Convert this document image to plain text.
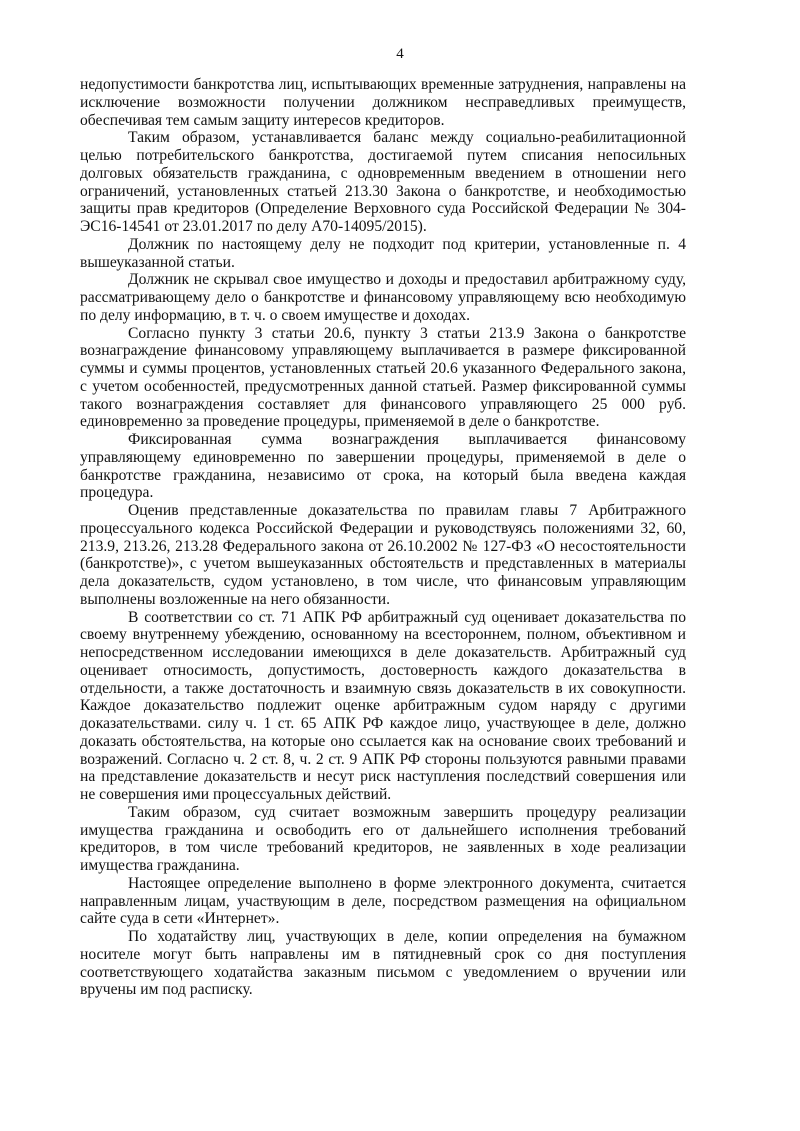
4

недопустимости банкротства лиц, испытывающих временные затруднения, направлены на исключение возможности получении должником несправедливых преимуществ, обеспечивая тем самым защиту интересов кредиторов.

Таким образом, устанавливается баланс между социально-реабилитационной целью потребительского банкротства, достигаемой путем списания непосильных долговых обязательств гражданина, с одновременным введением в отношении него ограничений, установленных статьей 213.30 Закона о банкротстве, и необходимостью защиты прав кредиторов (Определение Верховного суда Российской Федерации № 304-ЭС16-14541 от 23.01.2017 по делу А70-14095/2015).

Должник по настоящему делу не подходит под критерии, установленные п. 4 вышеуказанной статьи.

Должник не скрывал свое имущество и доходы и предоставил арбитражному суду, рассматривающему дело о банкротстве и финансовому управляющему всю необходимую по делу информацию, в т. ч. о своем имуществе и доходах.

Согласно пункту 3 статьи 20.6, пункту 3 статьи 213.9 Закона о банкротстве вознаграждение финансовому управляющему выплачивается в размере фиксированной суммы и суммы процентов, установленных статьей 20.6 указанного Федерального закона, с учетом особенностей, предусмотренных данной статьей. Размер фиксированной суммы такого вознаграждения составляет для финансового управляющего 25 000 руб. единовременно за проведение процедуры, применяемой в деле о банкротстве.

Фиксированная сумма вознаграждения выплачивается финансовому управляющему единовременно по завершении процедуры, применяемой в деле о банкротстве гражданина, независимо от срока, на который была введена каждая процедура.

Оценив представленные доказательства по правилам главы 7 Арбитражного процессуального кодекса Российской Федерации и руководствуясь положениями 32, 60, 213.9, 213.26, 213.28 Федерального закона от 26.10.2002 № 127-ФЗ «О несостоятельности (банкротстве)», с учетом вышеуказанных обстоятельств и представленных в материалы дела доказательств, судом установлено, в том числе, что финансовым управляющим выполнены возложенные на него обязанности.

В соответствии со ст. 71 АПК РФ арбитражный суд оценивает доказательства по своему внутреннему убеждению, основанному на всестороннем, полном, объективном и непосредственном исследовании имеющихся в деле доказательств. Арбитражный суд оценивает относимость, допустимость, достоверность каждого доказательства в отдельности, а также достаточность и взаимную связь доказательств в их совокупности. Каждое доказательство подлежит оценке арбитражным судом наряду с другими доказательствами. силу ч. 1 ст. 65 АПК РФ каждое лицо, участвующее в деле, должно доказать обстоятельства, на которые оно ссылается как на основание своих требований и возражений. Согласно ч. 2 ст. 8, ч. 2 ст. 9 АПК РФ стороны пользуются равными правами на представление доказательств и несут риск наступления последствий совершения или не совершения ими процессуальных действий.

Таким образом, суд считает возможным завершить процедуру реализации имущества гражданина и освободить его от дальнейшего исполнения требований кредиторов, в том числе требований кредиторов, не заявленных в ходе реализации имущества гражданина.

Настоящее определение выполнено в форме электронного документа, считается направленным лицам, участвующим в деле, посредством размещения на официальном сайте суда в сети «Интернет».

По ходатайству лиц, участвующих в деле, копии определения на бумажном носителе могут быть направлены им в пятидневный срок со дня поступления соответствующего ходатайства заказным письмом с уведомлением о вручении или вручены им под расписку.
